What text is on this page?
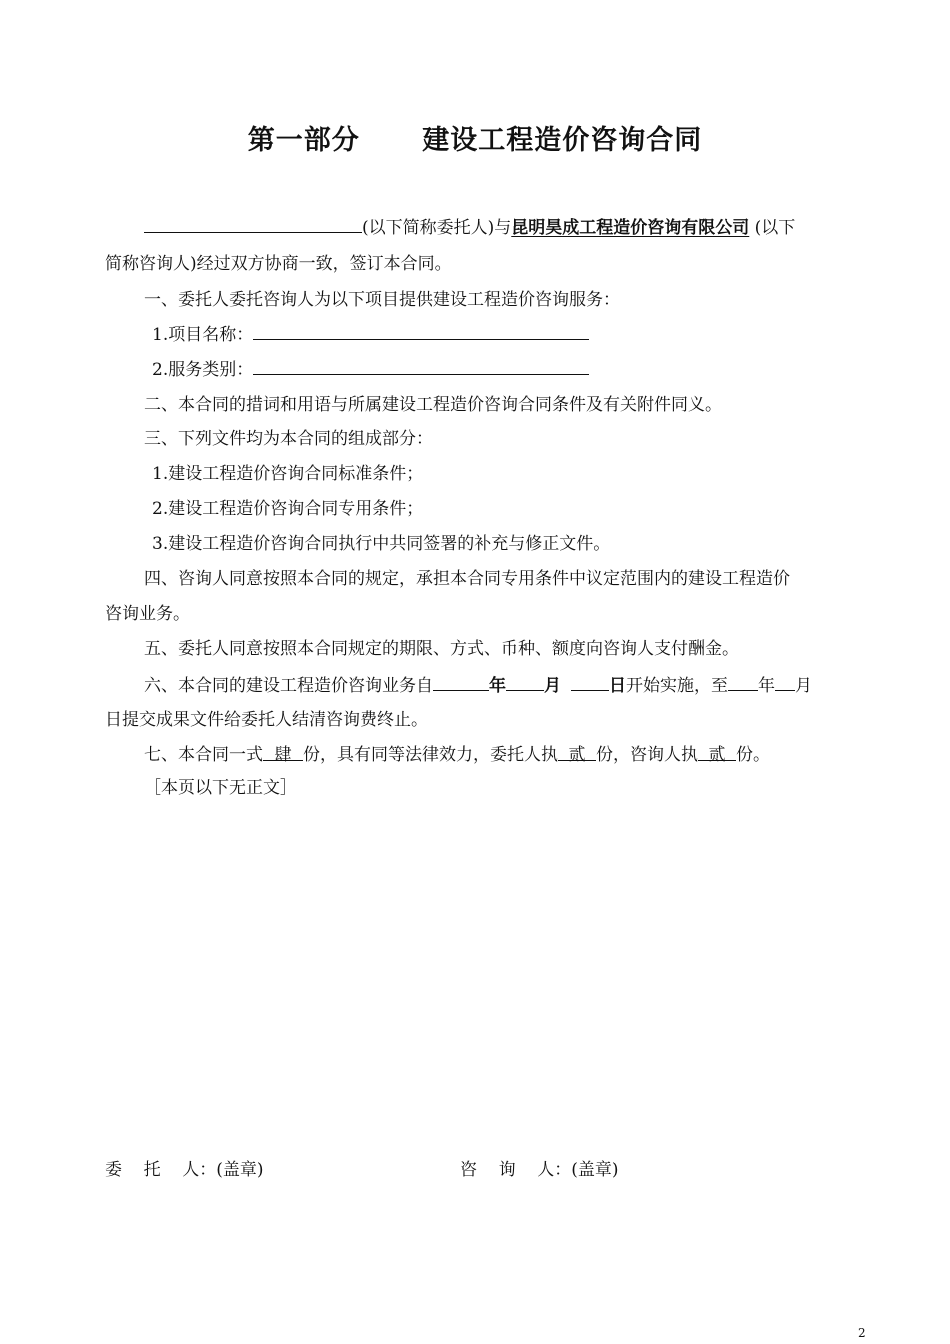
第一部分      建设工程造价咨询合同
(以下简称委托人)与昆明昊成工程造价咨询有限公司 (以下
简称咨询人)经过双方协商一致，签订本合同。
一、委托人委托咨询人为以下项目提供建设工程造价咨询服务：
1.项目名称：
2.服务类别：
二、本合同的措词和用语与所属建设工程造价咨询合同条件及有关附件同义。
三、下列文件均为本合同的组成部分：
1.建设工程造价咨询合同标准条件；
2.建设工程造价咨询合同专用条件；
3.建设工程造价咨询合同执行中共同签署的补充与修正文件。
四、咨询人同意按照本合同的规定，承担本合同专用条件中议定范围内的建设工程造价
咨询业务。
五、委托人同意按照本合同规定的期限、方式、币种、额度向咨询人支付酬金。
六、本合同的建设工程造价咨询业务自	年 月	日开始实施，至 年 月
日提交成果文件给委托人结清咨询费终止。
七、本合同一式 肆 份，具有同等法律效力，委托人执 贰 份，咨询人执 贰 份。
［本页以下无正文］
委    托    人：(盖章)	咨    询    人：(盖章)
2
